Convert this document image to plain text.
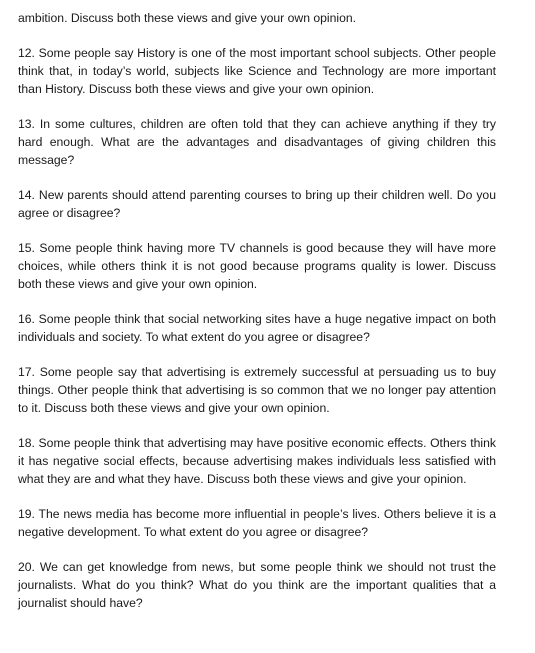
ambition. Discuss both these views and give your own opinion.

12. Some people say History is one of the most important school subjects. Other people think that, in today’s world, subjects like Science and Technology are more important than History. Discuss both these views and give your own opinion.

13. In some cultures, children are often told that they can achieve anything if they try hard enough. What are the advantages and disadvantages of giving children this message?

14. New parents should attend parenting courses to bring up their children well. Do you agree or disagree?

15. Some people think having more TV channels is good because they will have more choices, while others think it is not good because programs quality is lower. Discuss both these views and give your own opinion.

16. Some people think that social networking sites have a huge negative impact on both individuals and society. To what extent do you agree or disagree?

17. Some people say that advertising is extremely successful at persuading us to buy things. Other people think that advertising is so common that we no longer pay attention to it. Discuss both these views and give your own opinion.

18. Some people think that advertising may have positive economic effects. Others think it has negative social effects, because advertising makes individuals less satisfied with what they are and what they have. Discuss both these views and give your opinion.

19. The news media has become more influential in people’s lives. Others believe it is a negative development. To what extent do you agree or disagree?

20. We can get knowledge from news, but some people think we should not trust the journalists. What do you think? What do you think are the important qualities that a journalist should have?
